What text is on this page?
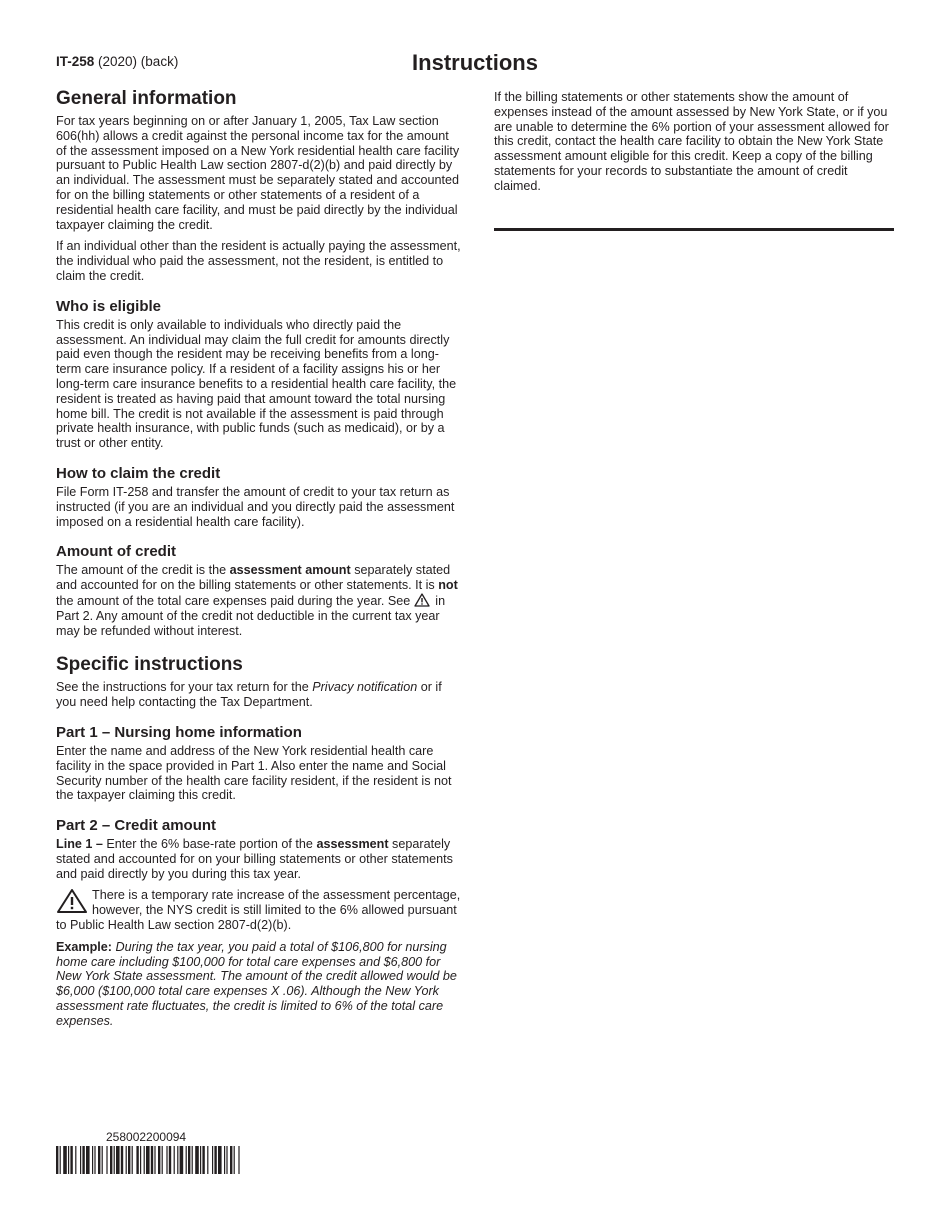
IT-258 (2020) (back)	Instructions
General information

For tax years beginning on or after January 1, 2005, Tax Law section 606(hh) allows a credit against the personal income tax for the amount of the assessment imposed on a New York residential health care facility pursuant to Public Health Law section 2807-d(2)(b) and paid directly by an individual. The assessment must be separately stated and accounted for on the billing statements or other statements of a resident of a residential health care facility, and must be paid directly by the individual taxpayer claiming the credit.

If an individual other than the resident is actually paying the assessment, the individual who paid the assessment, not the resident, is entitled to claim the credit.

Who is eligible

This credit is only available to individuals who directly paid the assessment. An individual may claim the full credit for amounts directly paid even though the resident may be receiving benefits from a long-term care insurance policy. If a resident of a facility assigns his or her long-term care insurance benefits to a residential health care facility, the resident is treated as having paid that amount toward the total nursing home bill. The credit is not available if the assessment is paid through private health insurance, with public funds (such as medicaid), or by a trust or other entity.

How to claim the credit

File Form IT-258 and transfer the amount of credit to your tax return as instructed (if you are an individual and you directly paid the assessment imposed on a residential health care facility).

Amount of credit

The amount of the credit is the assessment amount separately stated and accounted for on the billing statements or other statements. It is not the amount of the total care expenses paid during the year. See  in Part 2. Any amount of the credit not deductible in the current tax year may be refunded without interest.

Specific instructions

See the instructions for your tax return for the Privacy notification or if you need help contacting the Tax Department.

Part 1 – Nursing home information

Enter the name and address of the New York residential health care facility in the space provided in Part 1. Also enter the name and Social Security number of the health care facility resident, if the resident is not the taxpayer claiming this credit.

Part 2 – Credit amount

Line 1 – Enter the 6% base-rate portion of the assessment separately stated and accounted for on your billing statements or other statements and paid directly by you during this tax year.

There is a temporary rate increase of the assessment percentage, however, the NYS credit is still limited to the 6% allowed pursuant to Public Health Law section 2807-d(2)(b).

Example: During the tax year, you paid a total of $106,800 for nursing home care including $100,000 for total care expenses and $6,800 for New York State assessment. The amount of the credit allowed would be $6,000 ($100,000 total care expenses X .06). Although the New York assessment rate fluctuates, the credit is limited to 6% of the total care expenses.

If the billing statements or other statements show the amount of expenses instead of the amount assessed by New York State, or if you are unable to determine the 6% portion of your assessment allowed for this credit, contact the health care facility to obtain the New York State assessment amount eligible for this credit. Keep a copy of the billing statements for your records to substantiate the amount of credit claimed.

258002200094
